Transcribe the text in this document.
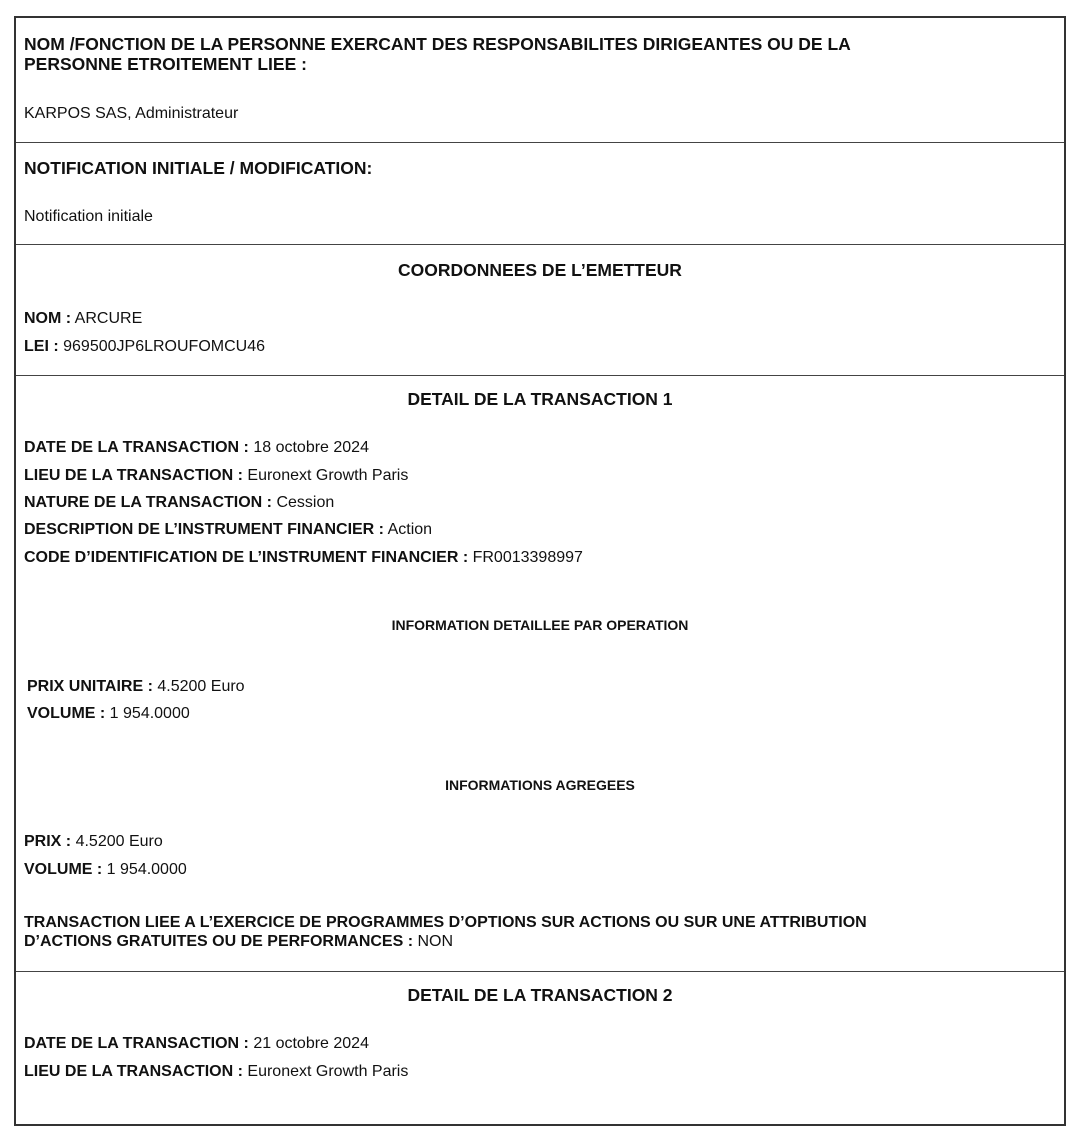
NOM /FONCTION DE LA PERSONNE EXERCANT DES RESPONSABILITES DIRIGEANTES OU DE LA
PERSONNE ETROITEMENT LIEE :
KARPOS SAS, Administrateur
NOTIFICATION INITIALE / MODIFICATION:
Notification initiale
COORDONNEES DE L’EMETTEUR
NOM : ARCURE
LEI : 969500JP6LROUFOMCU46
DETAIL DE LA TRANSACTION 1
DATE DE LA TRANSACTION : 18 octobre 2024
LIEU DE LA TRANSACTION : Euronext Growth Paris
NATURE DE LA TRANSACTION : Cession
DESCRIPTION DE L’INSTRUMENT FINANCIER : Action
CODE D’IDENTIFICATION DE L’INSTRUMENT FINANCIER : FR0013398997
INFORMATION DETAILLEE PAR OPERATION
PRIX UNITAIRE : 4.5200 Euro
VOLUME : 1 954.0000
INFORMATIONS AGREGEES
PRIX : 4.5200 Euro
VOLUME : 1 954.0000
TRANSACTION LIEE A L’EXERCICE DE PROGRAMMES D’OPTIONS SUR ACTIONS OU SUR UNE ATTRIBUTION
D’ACTIONS GRATUITES OU DE PERFORMANCES : NON
DETAIL DE LA TRANSACTION 2
DATE DE LA TRANSACTION : 21 octobre 2024
LIEU DE LA TRANSACTION : Euronext Growth Paris
